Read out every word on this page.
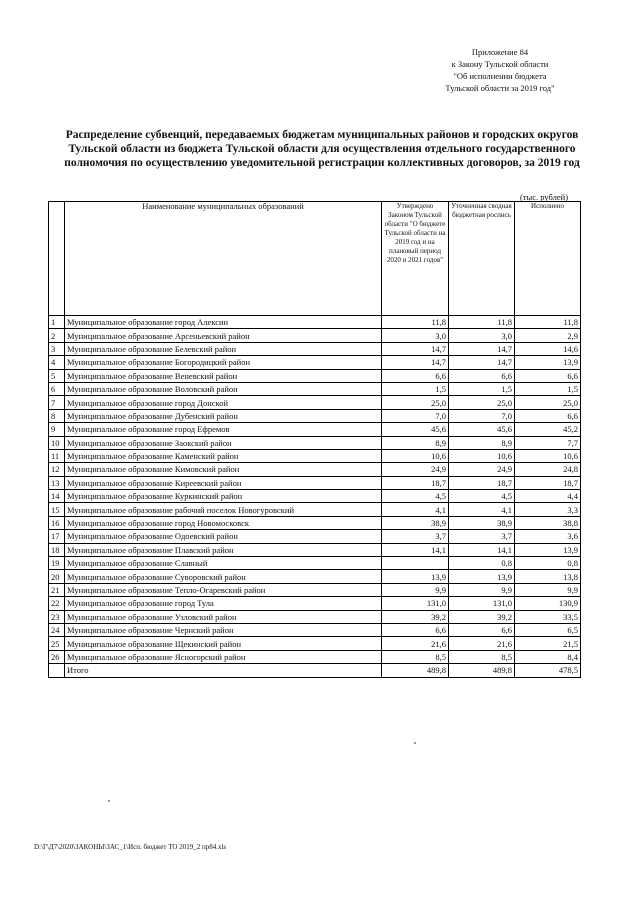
Приложение 84
к Закону Тульской области
"Об исполнении бюджета
Тульской области за 2019 год"
Распределение субвенций, передаваемых бюджетам муниципальных районов и городских округов Тульской области из бюджета Тульской области для осуществления отдельного государственного полномочия по осуществлению уведомительной регистрации коллективных договоров, за 2019 год
(тыс. рублей)
	Наименование муниципальных образований	Утверждено Законом Тульской области "О бюджете Тульской области на 2019 год и на плановый период 2020 и 2021 годов"	Уточненная сводная бюджетная роспись	Исполнено
1	Муниципальное образование город Алексин	11,8	11,8	11,8
2	Муниципальное образование Арсеньевский район	3,0	3,0	2,9
3	Муниципальное образование Белевский район	14,7	14,7	14,6
4	Муниципальное образование Богородицкий район	14,7	14,7	13,9
5	Муниципальное образование Веневский район	6,6	6,6	6,6
6	Муниципальное образование Воловский район	1,5	1,5	1,5
7	Муниципальное образование город Донской	25,0	25,0	25,0
8	Муниципальное образование Дубенский район	7,0	7,0	6,6
9	Муниципальное образование город Ефремов	45,6	45,6	45,2
10	Муниципальное образование Заокский район	8,9	8,9	7,7
11	Муниципальное образование Каменский район	10,6	10,6	10,6
12	Муниципальное образование Кимовский район	24,9	24,9	24,8
13	Муниципальное образование Киреевский район	18,7	18,7	18,7
14	Муниципальное образование Куркинский район	4,5	4,5	4,4
15	Муниципальное образование рабочий поселок Новогуровский	4,1	4,1	3,3
16	Муниципальное образование город Новомосковск	38,9	38,9	38,8
17	Муниципальное образование Одоевский район	3,7	3,7	3,6
18	Муниципальное образование Плавский район	14,1	14,1	13,9
19	Муниципальное образование Славный		0,8	0,8
20	Муниципальное образование Суворовский район	13,9	13,9	13,8
21	Муниципальное образование Тепло-Огаревский район	9,9	9,9	9,9
22	Муниципальное образование город Тула	131,0	131,0	130,9
23	Муниципальное образование Узловский район	39,2	39,2	33,5
24	Муниципальное образование Чернский район	6,6	6,6	6,5
25	Муниципальное образование Щекинский район	21,6	21,6	21,5
26	Муниципальное образование Ясногорский район	8,5	8,5	8,4
	Итого	489,8	489,8	478,5
D:\Г\Д7\2020\ЗАКОНЫ\ЗАС_1\Исп. бюджет ТО 2019_2 пр84.xls
